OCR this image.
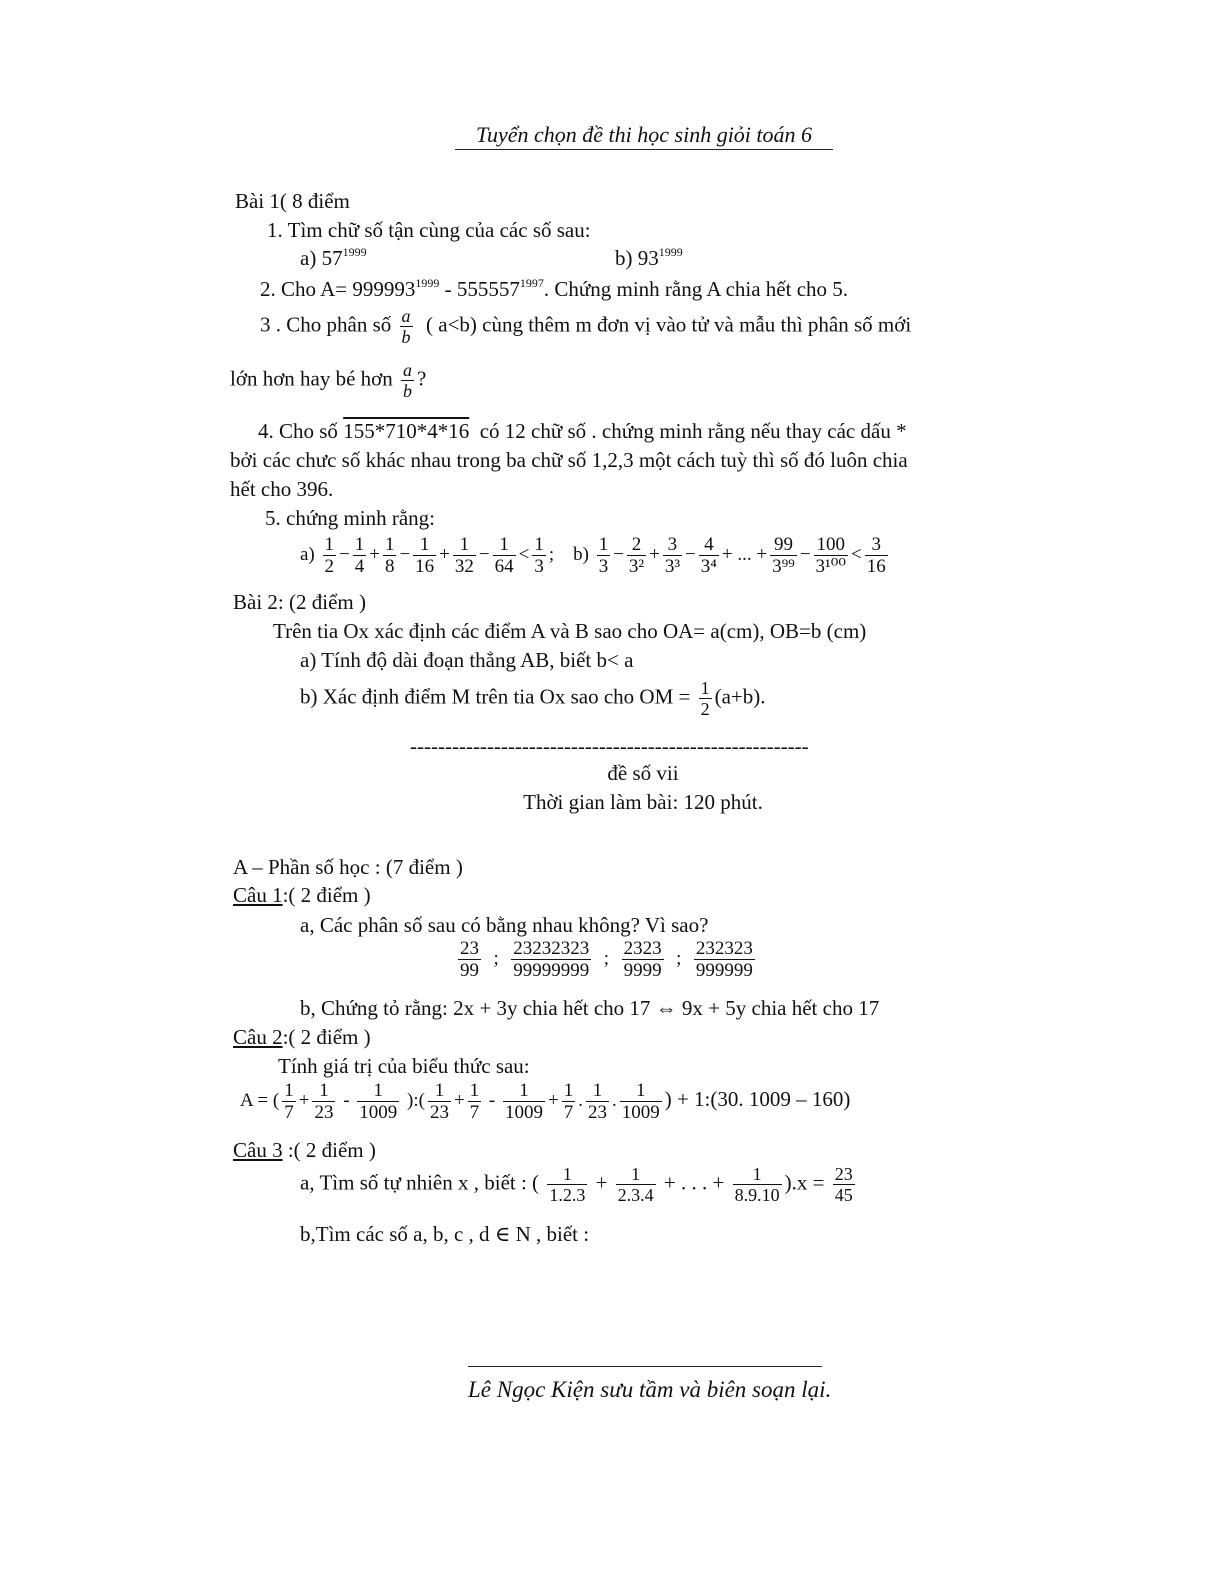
Tuyển chọn đề thi học sinh giỏi toán 6
Bài 1( 8 điểm
1. Tìm chữ số tận cùng của các số sau:
a) $57^{1999}$	b) $93^{1999}$
2. Cho $A= 999993^{1999} - 555557^{1997}$. Chứng minh rằng A chia hết cho 5.
3 . Cho phân số $\frac{a}{b}$ ( a<b) cùng thêm m đơn vị vào tử và mẫu thì phân số mới
lớn hơn hay bé hơn $\frac{a}{b}$ ?
4. Cho số 155*710*4*16 có 12 chữ số . chứng minh rằng nếu thay các dấu *
bởi các chưc số khác nhau trong ba chữ số 1,2,3 một cách tuỳ thì số đó luôn chia
hết cho 396.
5. chứng minh rằng:
$a) \frac{1}{2} - \frac{1}{4} + \frac{1}{8} - \frac{1}{16} + \frac{1}{32} - \frac{1}{64} < \frac{1}{3}$ ; $b) \frac{1}{3} - \frac{2}{\text{3²}} + \frac{3}{\text{3³}} - \frac{4}{\text{3⁴}}$ + ... + $\frac{99}{\text{3⁹⁹}} - \frac{100}{\text{3¹⁰⁰}} < \frac{3}{16}$
Bài 2: (2 điểm )
Trên tia Ox xác định các điểm A và B sao cho OA= a(cm), OB=b (cm)
a) Tính độ dài đoạn thẳng AB, biết b< a
b) Xác định điểm M trên tia Ox sao cho OM = $\frac{1}{2} (a+b)$.
---------------------------------------------------------
đề số vii
Thời gian làm bài: 120 phút.
A – Phần số học : (7 điểm )
Câu 1:( 2 điểm )
a, Các phân số sau có bằng nhau không? Vì sao?
$\frac{23}{99}$ ; $\frac{23232323}{99999999}$ ; $\frac{2323}{9999}$ ; $\frac{232323}{999999}$
b, Chứng tỏ rằng: 2x + 3y chia hết cho 17 ⇔ 9x + 5y chia hết cho 17
Câu 2:( 2 điểm )
Tính giá trị của biểu thức sau:
A = ( $\frac{1}{7} + \frac{1}{23} - \frac{1}{1009}$ ):( $\frac{1}{23} + \frac{1}{7} - \frac{1}{1009} + \frac{1}{7}$ . $\frac{1}{23}$ . $\frac{1}{1009}$ ) + 1:(30. 1009 – 160)
Câu 3 :( 2 điểm )
a, Tìm số tự nhiên x , biết : ( $\frac{1}{1.2.3} + \frac{1}{2.3.4}$ + . . . + $\frac{1}{8.9.10} ).x = \frac{23}{45}$
b,Tìm các số a, b, c , d ∈ N , biết :
Lê Ngọc Kiện sưu tầm và biên soạn lại.
